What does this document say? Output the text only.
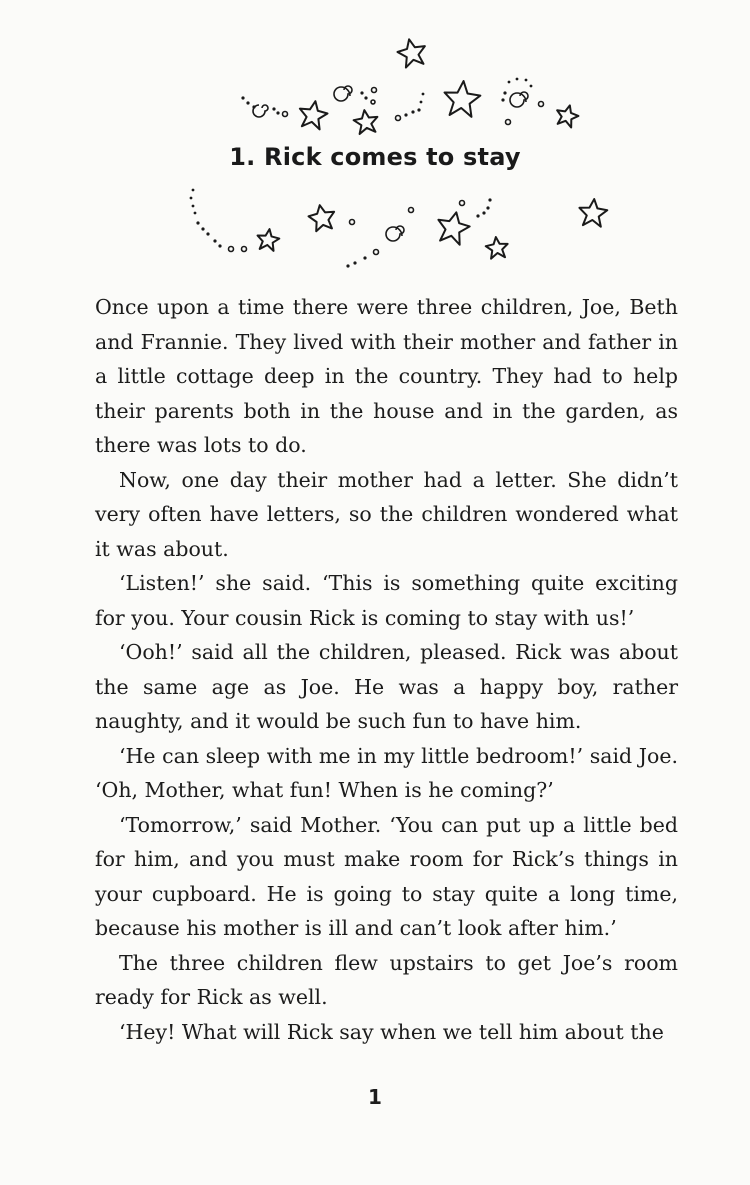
1. Rick comes to stay

Once upon a time there were three children, Joe, Beth and Frannie. They lived with their mother and father in a little cottage deep in the country. They had to help their parents both in the house and in the garden, as there was lots to do.

Now, one day their mother had a letter. She didn’t very often have letters, so the children wondered what it was about.

‘Listen!’ she said. ‘This is something quite exciting for you. Your cousin Rick is coming to stay with us!’

‘Ooh!’ said all the children, pleased. Rick was about the same age as Joe. He was a happy boy, rather naughty, and it would be such fun to have him.

‘He can sleep with me in my little bedroom!’ said Joe. ‘Oh, Mother, what fun! When is he coming?’

‘Tomorrow,’ said Mother. ‘You can put up a little bed for him, and you must make room for Rick’s things in your cupboard. He is going to stay quite a long time, because his mother is ill and can’t look after him.’

The three children flew upstairs to get Joe’s room ready for Rick as well.

‘Hey! What will Rick say when we tell him about the

1
